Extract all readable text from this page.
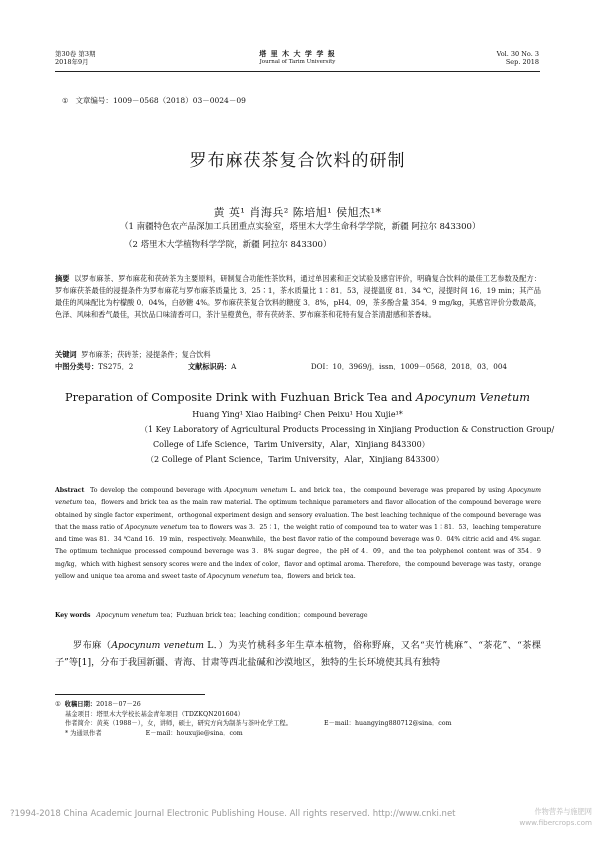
第30卷 第3期
2018年9月
塔 里 木 大 学 学 报
Journal of Tarim University
Vol. 30 No. 3
Sep. 2018
① 文章编号：1009－0568（2018）03－0024－09
罗布麻茯茶复合饮料的研制
黄 英¹ 肖海兵² 陈培旭¹ 侯旭杰¹*
（1 南疆特色农产品深加工兵团重点实验室，塔里木大学生命科学学院，新疆 阿拉尔 843300）
（2 塔里木大学植物科学学院，新疆 阿拉尔 843300）
摘要 以罗布麻茶、罗布麻花和茯砖茶为主要原料，研制复合功能性茶饮料，通过单因素和正交试验及感官评价，明确复合饮料的最佳工艺参数及配方：罗布麻茯茶最佳的浸提条件为罗布麻花与罗布麻茶质量比 3．25∶1，茶水质量比 1∶81．53，浸提温度 81．34 ℃，浸提时间 16．19 min；其产品最佳的风味配比为柠檬酸 0．04%，白砂糖 4%。罗布麻茯茶复合饮料的糖度 3．8%，pH4．09，茶多酚含量 354．9 mg/kg，其感官评价分数最高，色泽、风味和香气最佳，其饮品口味清香可口，茶汁呈橙黄色，带有茯砖茶、罗布麻茶和花特有复合茶清甜感和茶香味。
关键词 罗布麻茶；茯砖茶；浸提条件；复合饮料
中图分类号：TS275．2	文献标识码：A	DOI：10．3969/j．issn．1009－0568．2018．03．004
Preparation of Composite Drink with Fuzhuan Brick Tea and Apocynum Venetum
Huang Ying¹ Xiao Haibing² Chen Peixu¹ Hou Xujie¹*
（1 Key Laboratory of Agricultural Products Processing in Xinjiang Production & Construction Group/
College of Life Science，Tarim University，Alar，Xinjiang 843300）
（2 College of Plant Science，Tarim University，Alar，Xinjiang 843300）
Abstract To develop the compound beverage with Apocynum venetum L. and brick tea，the compound beverage was prepared by using Apocynum venetum tea，flowers and brick tea as the main raw material. The optimum technique parameters and flavor allocation of the compound beverage were obtained by single factor experiment，orthogonal experiment design and sensory evaluation. The best leaching technique of the compound beverage was that the mass ratio of Apocynum venetum tea to flowers was 3．25∶1，the weight ratio of compound tea to water was 1∶81．53，leaching temperature and time was 81．34 ℃and 16．19 min，respectively. Meanwhile，the best flavor ratio of the compound beverage was 0．04% citric acid and 4% sugar. The optimum technique processed compound beverage was 3．8% sugar degree，the pH of 4．09，and the tea polyphenol content was of 354．9 mg/kg，which with highest sensory scores were and the index of color，flavor and optimal aroma. Therefore，the compound beverage was tasty，orange yellow and unique tea aroma and sweet taste of Apocynum venetum tea，flowers and brick tea.
Key words Apocynum venetum tea；Fuzhuan brick tea；leaching condition；compound beverage
罗布麻（Apocynum venetum L．）为夹竹桃科多年生草本植物，俗称野麻，又名“夹竹桃麻”、“茶花”、“茶棵子”等[1]，分布于我国新疆、青海、甘肃等西北盐碱和沙漠地区，独特的生长环境使其具有独特
① 收稿日期：2018－07－26
基金项目：塔里木大学校长基金青年项目（TDZKQN201604）
作者简介：黄英（1988－），女，讲师，硕士，研究方向为制茶与茶叶化学工程。	E－mail：huangying880712@sina．com
* 为通讯作者	E－mail：houxujie@sina．com
?1994-2018 China Academic Journal Electronic Publishing House. All rights reserved. http://www.cnki.net	作物营养与施肥网 www.fibercrops.com
